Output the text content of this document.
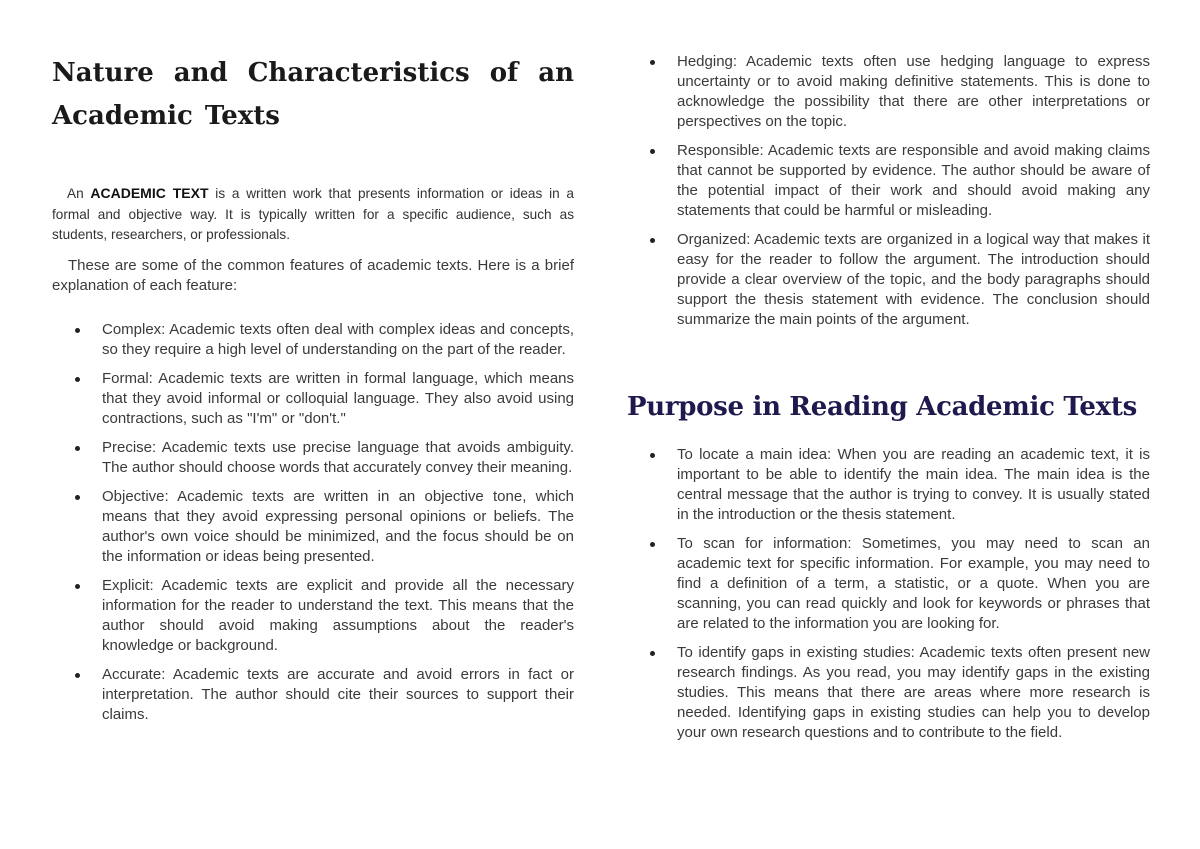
Nature and Characteristics of an
Academic Texts

An ACADEMIC TEXT is a written work that presents information or ideas in a formal and objective way. It is typically written for a specific audience, such as students, researchers, or professionals.

These are some of the common features of academic texts. Here is a brief explanation of each feature:

Complex: Academic texts often deal with complex ideas and concepts, so they require a high level of understanding on the part of the reader.
Formal: Academic texts are written in formal language, which means that they avoid informal or colloquial language. They also avoid using contractions, such as "I'm" or "don't."
Precise: Academic texts use precise language that avoids ambiguity. The author should choose words that accurately convey their meaning.
Objective: Academic texts are written in an objective tone, which means that they avoid expressing personal opinions or beliefs. The author's own voice should be minimized, and the focus should be on the information or ideas being presented.
Explicit: Academic texts are explicit and provide all the necessary information for the reader to understand the text. This means that the author should avoid making assumptions about the reader's knowledge or background.
Accurate: Academic texts are accurate and avoid errors in fact or interpretation. The author should cite their sources to support their claims.
Hedging: Academic texts often use hedging language to express uncertainty or to avoid making definitive statements. This is done to acknowledge the possibility that there are other interpretations or perspectives on the topic.
Responsible: Academic texts are responsible and avoid making claims that cannot be supported by evidence. The author should be aware of the potential impact of their work and should avoid making any statements that could be harmful or misleading.
Organized: Academic texts are organized in a logical way that makes it easy for the reader to follow the argument. The introduction should provide a clear overview of the topic, and the body paragraphs should support the thesis statement with evidence. The conclusion should summarize the main points of the argument.
Purpose in Reading Academic Texts
To locate a main idea: When you are reading an academic text, it is important to be able to identify the main idea. The main idea is the central message that the author is trying to convey. It is usually stated in the introduction or the thesis statement.
To scan for information: Sometimes, you may need to scan an academic text for specific information. For example, you may need to find a definition of a term, a statistic, or a quote. When you are scanning, you can read quickly and look for keywords or phrases that are related to the information you are looking for.
To identify gaps in existing studies: Academic texts often present new research findings. As you read, you may identify gaps in the existing studies. This means that there are areas where more research is needed. Identifying gaps in existing studies can help you to develop your own research questions and to contribute to the field.
